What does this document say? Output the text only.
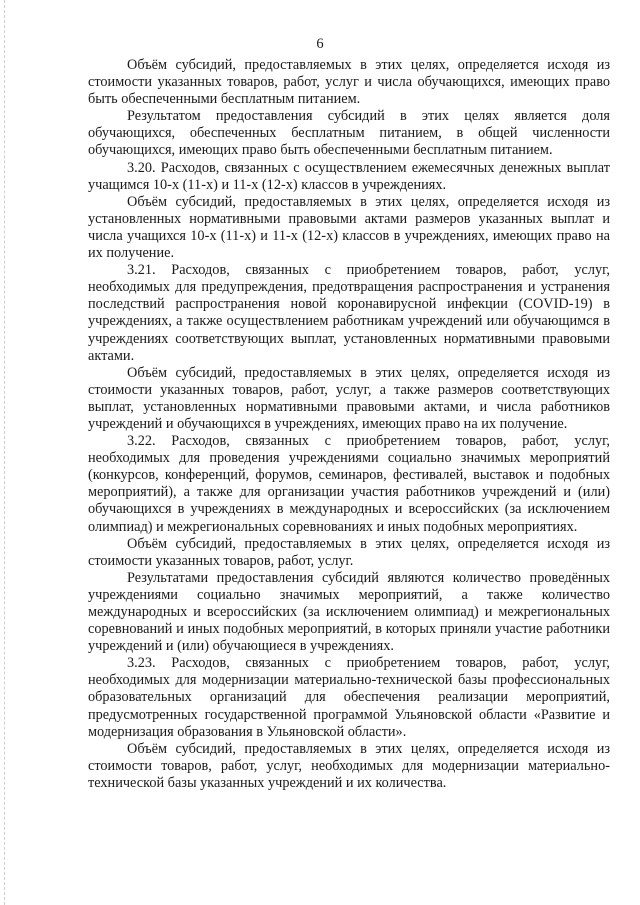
6

Объём субсидий, предоставляемых в этих целях, определяется исходя из стоимости указанных товаров, работ, услуг и числа обучающихся, имеющих право быть обеспеченными бесплатным питанием.

Результатом предоставления субсидий в этих целях является доля обучающихся, обеспеченных бесплатным питанием, в общей численности обучающихся, имеющих право быть обеспеченными бесплатным питанием.

3.20. Расходов, связанных с осуществлением ежемесячных денежных выплат учащимся 10-х (11-х) и 11-х (12-х) классов в учреждениях.

Объём субсидий, предоставляемых в этих целях, определяется исходя из установленных нормативными правовыми актами размеров указанных выплат и числа учащихся 10-х (11-х) и 11-х (12-х) классов в учреждениях, имеющих право на их получение.

3.21. Расходов, связанных с приобретением товаров, работ, услуг, необходимых для предупреждения, предотвращения распространения и устранения последствий распространения новой коронавирусной инфекции (COVID-19) в учреждениях, а также осуществлением работникам учреждений или обучающимся в учреждениях соответствующих выплат, установленных нормативными правовыми актами.

Объём субсидий, предоставляемых в этих целях, определяется исходя из стоимости указанных товаров, работ, услуг, а также размеров соответствующих выплат, установленных нормативными правовыми актами, и числа работников учреждений и обучающихся в учреждениях, имеющих право на их получение.

3.22. Расходов, связанных с приобретением товаров, работ, услуг, необходимых для проведения учреждениями социально значимых мероприятий (конкурсов, конференций, форумов, семинаров, фестивалей, выставок и подобных мероприятий), а также для организации участия работников учреждений и (или) обучающихся в учреждениях в международных и всероссийских (за исключением олимпиад) и межрегиональных соревнованиях и иных подобных мероприятиях.

Объём субсидий, предоставляемых в этих целях, определяется исходя из стоимости указанных товаров, работ, услуг.

Результатами предоставления субсидий являются количество проведённых учреждениями социально значимых мероприятий, а также количество международных и всероссийских (за исключением олимпиад) и межрегиональных соревнований и иных подобных мероприятий, в которых приняли участие работники учреждений и (или) обучающиеся в учреждениях.

3.23. Расходов, связанных с приобретением товаров, работ, услуг, необходимых для модернизации материально-технической базы профессиональных образовательных организаций для обеспечения реализации мероприятий, предусмотренных государственной программой Ульяновской области «Развитие и модернизация образования в Ульяновской области».

Объём субсидий, предоставляемых в этих целях, определяется исходя из стоимости товаров, работ, услуг, необходимых для модернизации материально-технической базы указанных учреждений и их количества.
